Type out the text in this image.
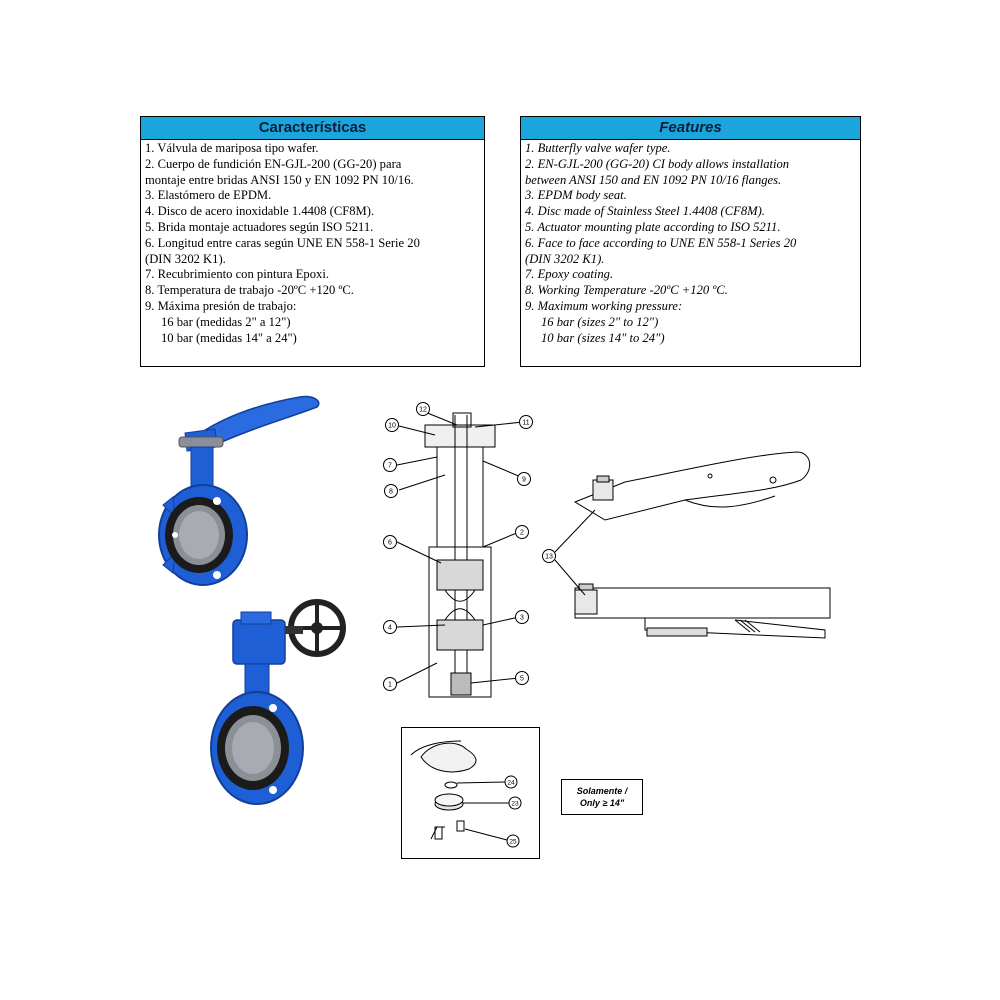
Características
1. Válvula de mariposa tipo wafer.
2. Cuerpo de fundición EN-GJL-200 (GG-20) para
montaje entre bridas ANSI 150 y EN 1092 PN 10/16.
3. Elastómero de EPDM.
4. Disco de acero inoxidable 1.4408 (CF8M).
5. Brida montaje actuadores según ISO 5211.
6. Longitud entre caras según UNE EN 558-1 Serie 20
(DIN 3202 K1).
7. Recubrimiento con pintura Epoxi.
8. Temperatura de trabajo -20ºC +120 ºC.
9. Máxima presión de trabajo:
16 bar (medidas 2" a 12")
10 bar (medidas 14" a 24")
Features
1. Butterfly valve wafer type.
2. EN-GJL-200 (GG-20) CI body allows installation
between ANSI 150 and EN 1092 PN 10/16 flanges.
3. EPDM body seat.
4. Disc made of Stainless Steel 1.4408 (CF8M).
5. Actuator mounting plate according to ISO 5211.
6. Face to face according to UNE EN 558-1 Series 20
(DIN 3202 K1).
7. Epoxy coating.
8. Working Temperature -20ºC +120 ºC.
9. Maximum working pressure:
16 bar (sizes 2" to 12")
10 bar (sizes 14" to 24")
12
10	11
7
9
8
6
2
4
3
1
5
13
24
23
25
Solamente /
Only ≥ 14"
